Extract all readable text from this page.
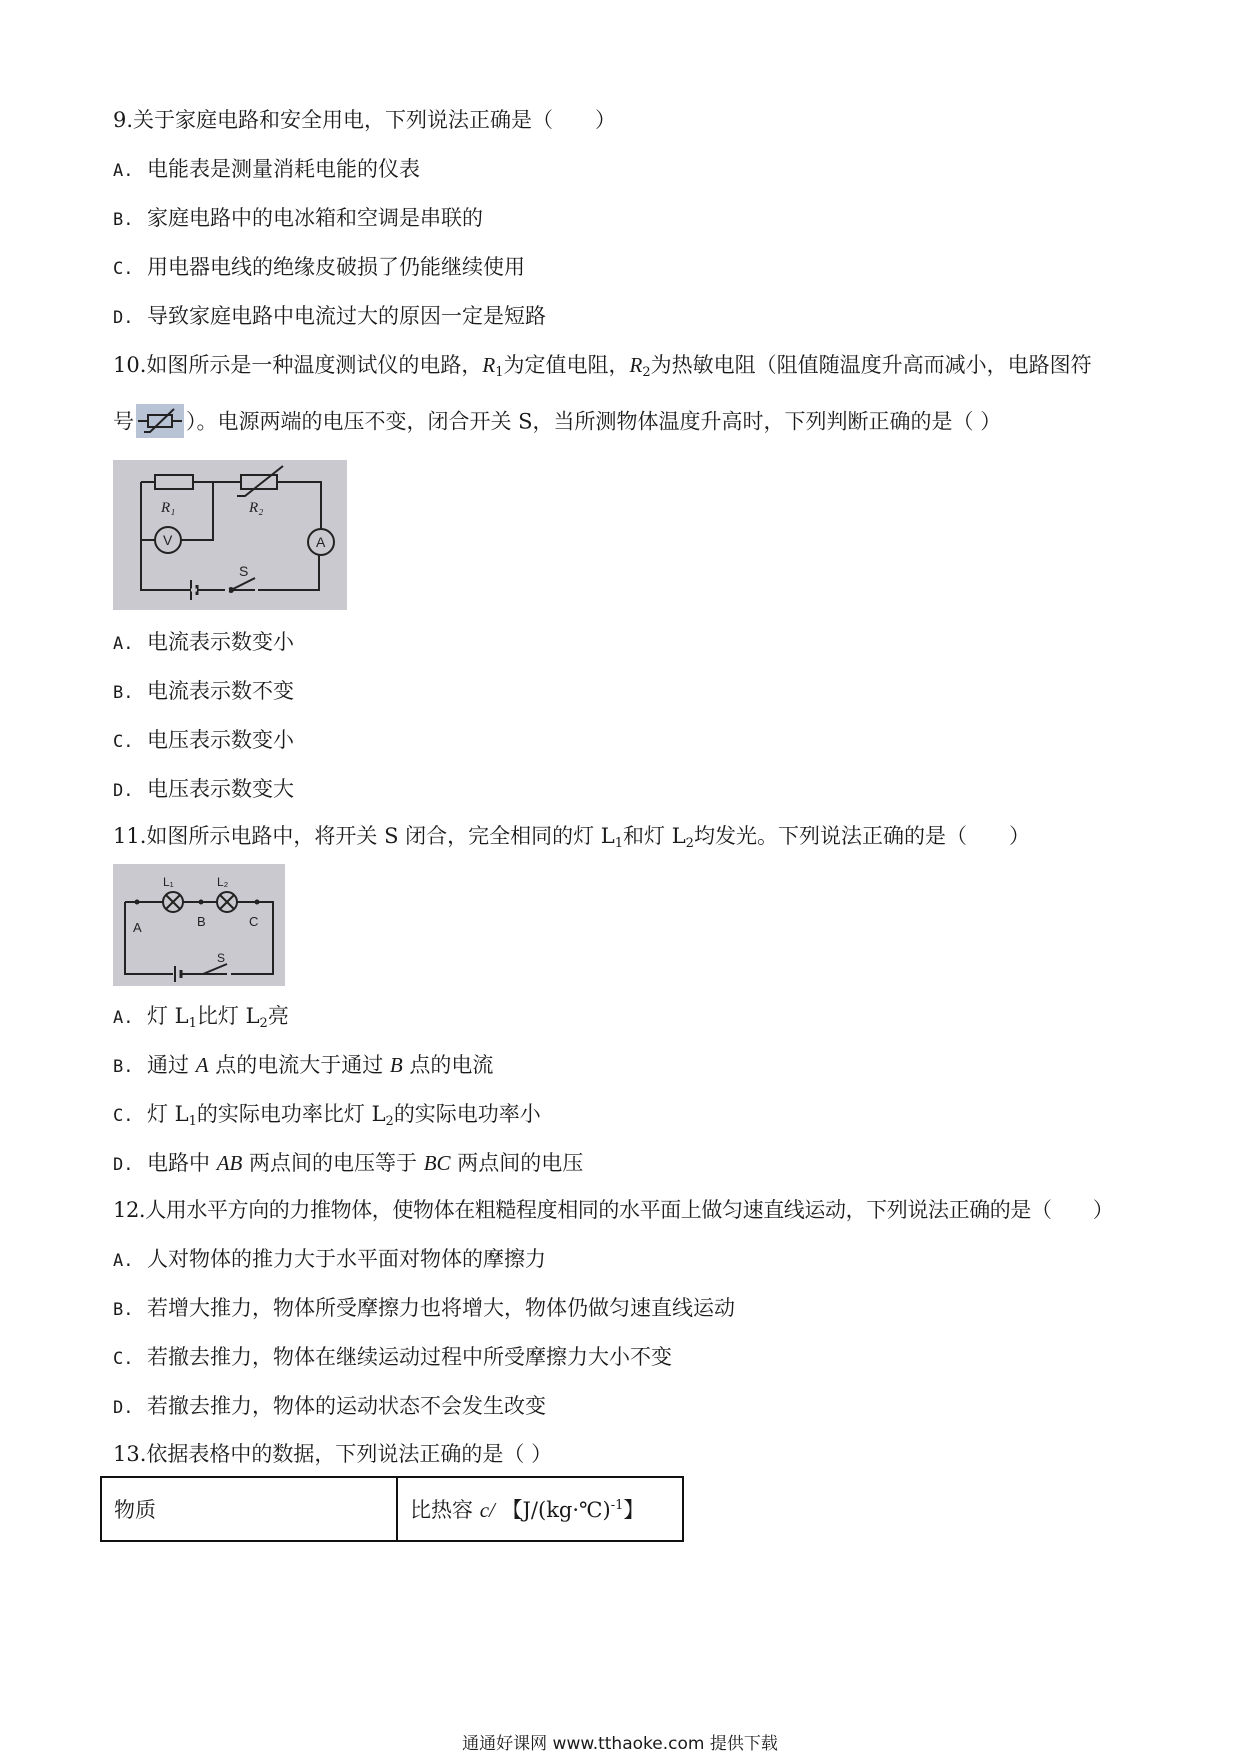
9.关于家庭电路和安全用电，下列说法正确是（　　）
A. 电能表是测量消耗电能的仪表
B. 家庭电路中的电冰箱和空调是串联的
C. 用电器电线的绝缘皮破损了仍能继续使用
D. 导致家庭电路中电流过大的原因一定是短路
10.如图所示是一种温度测试仪的电路，$R_1$为定值电阻，$R_2$为热敏电阻（阻值随温度升高而减小，电路图符
号 ）。电源两端的电压不变，闭合开关 S，当所测物体温度升高时，下列判断正确的是（ ）
R₁	R₂
V	A
S
A. 电流表示数变小
B. 电流表示数不变
C. 电压表示数变小
D. 电压表示数变大
11.如图所示电路中，将开关 S 闭合，完全相同的灯 $L_1$和灯 $L_2$均发光。下列说法正确的是（　　）
L₁	L₂
A	B	C
S
A. 灯 $L_1$比灯 $L_2$亮
B. 通过 A 点的电流大于通过 B 点的电流
C. 灯 $L_1$的实际电功率比灯 $L_2$的实际电功率小
D. 电路中 AB 两点间的电压等于 BC 两点间的电压
12.人用水平方向的力推物体，使物体在粗糙程度相同的水平面上做匀速直线运动，下列说法正确的是（　　）
A. 人对物体的推力大于水平面对物体的摩擦力
B. 若增大推力，物体所受摩擦力也将增大，物体仍做匀速直线运动
C. 若撤去推力，物体在继续运动过程中所受摩擦力大小不变
D. 若撤去推力，物体的运动状态不会发生改变
13.依据表格中的数据，下列说法正确的是（ ）
物质	比热容 c/ 【J/(kg·℃)$^{-1}$】
通通好课网 www.tthaoke.com 提供下载
